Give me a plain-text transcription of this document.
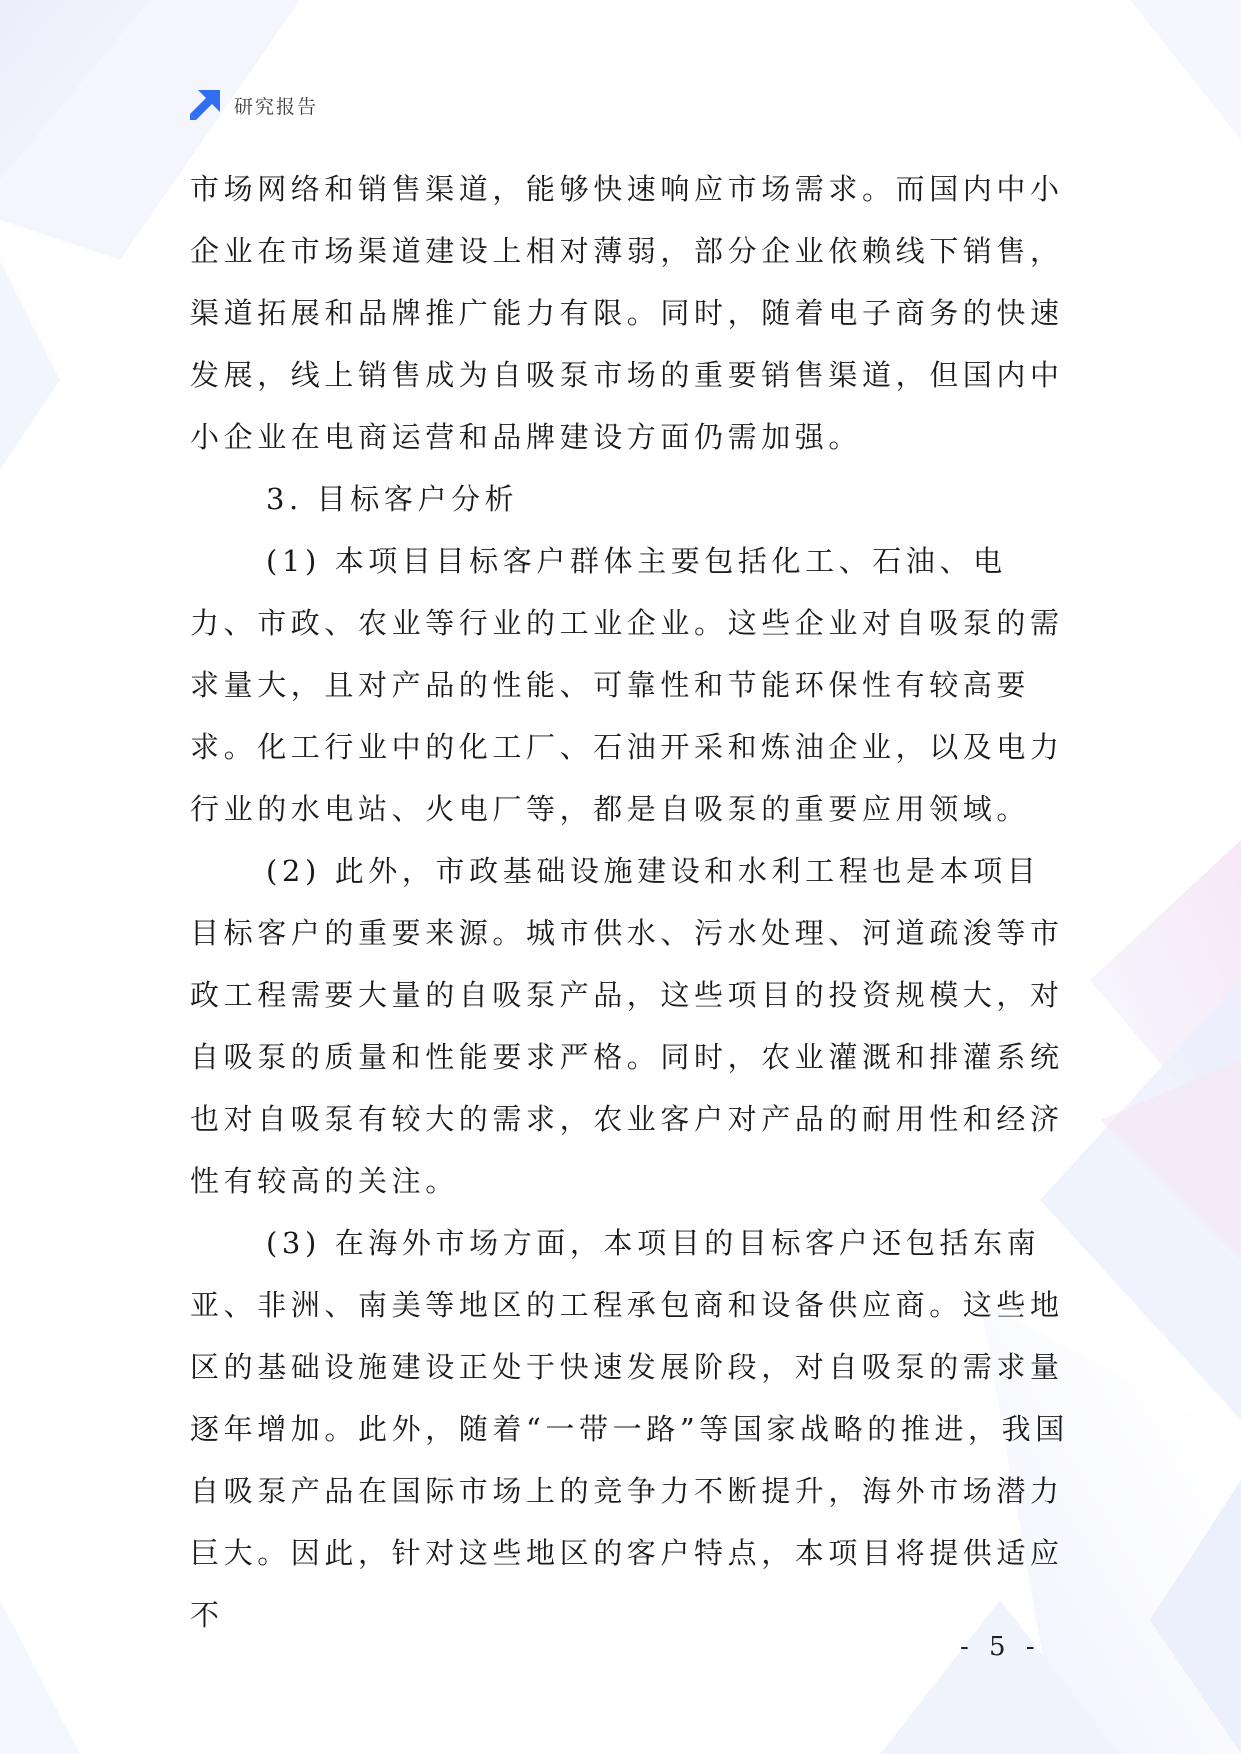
研究报告

市场网络和销售渠道，能够快速响应市场需求。而国内中小企业在市场渠道建设上相对薄弱，部分企业依赖线下销售，渠道拓展和品牌推广能力有限。同时，随着电子商务的快速发展，线上销售成为自吸泵市场的重要销售渠道，但国内中小企业在电商运营和品牌建设方面仍需加强。

3. 目标客户分析

(1) 本项目目标客户群体主要包括化工、石油、电力、市政、农业等行业的工业企业。这些企业对自吸泵的需求量大，且对产品的性能、可靠性和节能环保性有较高要求。化工行业中的化工厂、石油开采和炼油企业，以及电力行业的水电站、火电厂等，都是自吸泵的重要应用领域。

(2) 此外，市政基础设施建设和水利工程也是本项目目标客户的重要来源。城市供水、污水处理、河道疏浚等市政工程需要大量的自吸泵产品，这些项目的投资规模大，对自吸泵的质量和性能要求严格。同时，农业灌溉和排灌系统也对自吸泵有较大的需求，农业客户对产品的耐用性和经济性有较高的关注。

(3) 在海外市场方面，本项目的目标客户还包括东南亚、非洲、南美等地区的工程承包商和设备供应商。这些地区的基础设施建设正处于快速发展阶段，对自吸泵的需求量逐年增加。此外，随着“一带一路”等国家战略的推进，我国自吸泵产品在国际市场上的竞争力不断提升，海外市场潜力巨大。因此，针对这些地区的客户特点，本项目将提供适应不

- 5 -
